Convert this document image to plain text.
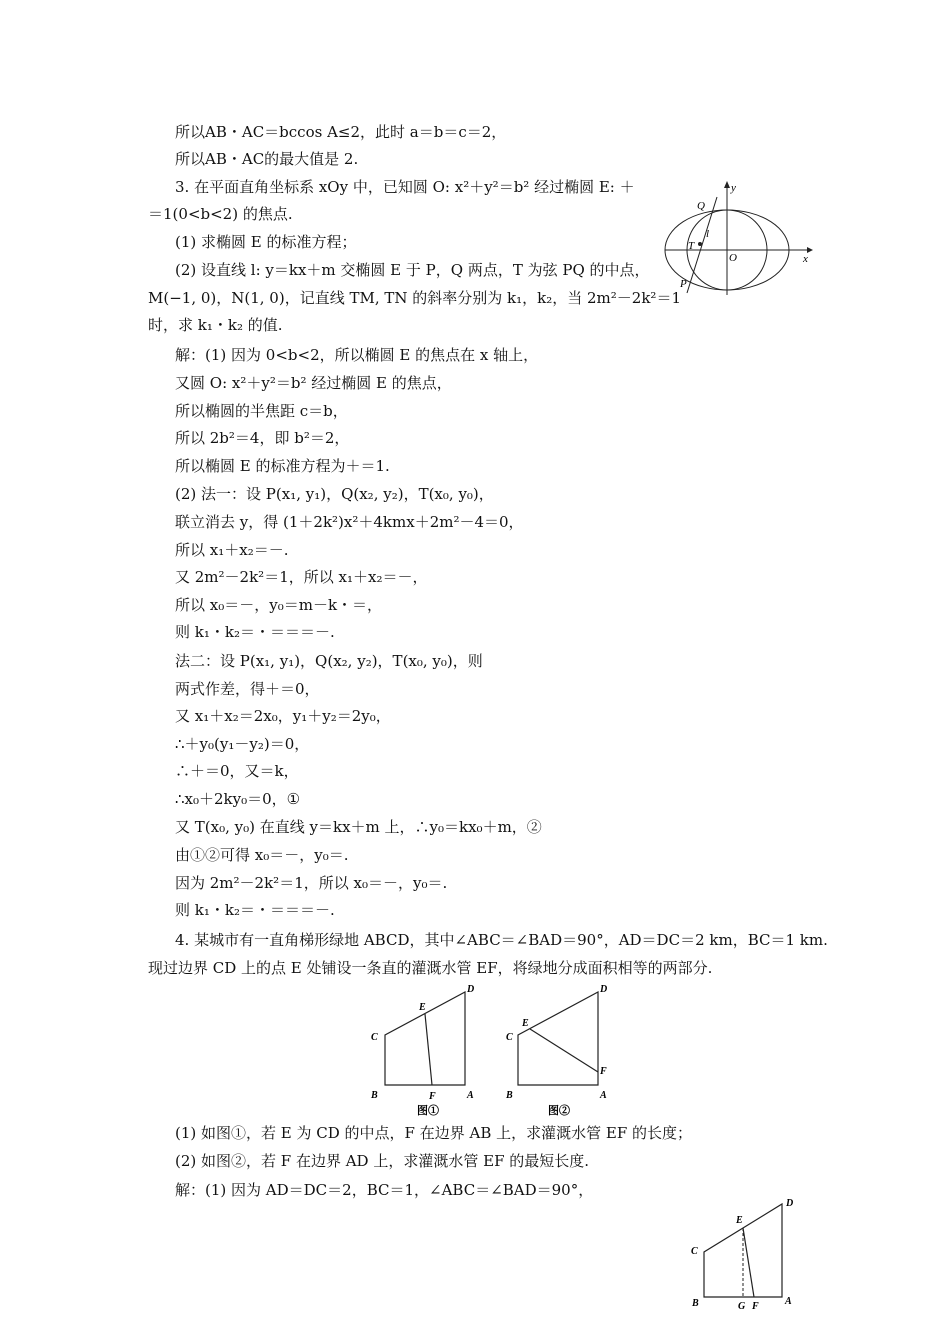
所以AB・AC＝bccos A≤2，此时 a＝b＝c＝2，
所以AB・AC的最大值是 2.
3. 在平面直角坐标系 xOy 中，已知圆 O: x²＋y²＝b² 经过椭圆 E: ＋
＝1(0<b<2) 的焦点.
(1) 求椭圆 E 的标准方程；
(2) 设直线 l: y＝kx＋m 交椭圆 E 于 P，Q 两点，T 为弦 PQ 的中点，
M(−1, 0)，N(1, 0)，记直线 TM, TN 的斜率分别为 k₁，k₂，当 2m²－2k²＝1
时，求 k₁・k₂ 的值.
解：(1) 因为 0<b<2，所以椭圆 E 的焦点在 x 轴上，
又圆 O: x²＋y²＝b² 经过椭圆 E 的焦点，
所以椭圆的半焦距 c＝b，
所以 2b²＝4，即 b²＝2，
所以椭圆 E 的标准方程为＋＝1.
(2) 法一：设 P(x₁, y₁)，Q(x₂, y₂)，T(x₀, y₀)，
联立消去 y，得 (1＋2k²)x²＋4kmx＋2m²－4＝0，
所以 x₁＋x₂＝－.
又 2m²－2k²＝1，所以 x₁＋x₂＝－，
所以 x₀＝－，y₀＝m－k・＝，
则 k₁・k₂＝・＝＝＝－.
法二：设 P(x₁, y₁)，Q(x₂, y₂)，T(x₀, y₀)，则
两式作差，得＋＝0，
又 x₁＋x₂＝2x₀，y₁＋y₂＝2y₀，
∴＋y₀(y₁－y₂)＝0，
∴＋＝0，又＝k，
∴x₀＋2ky₀＝0，①
又 T(x₀, y₀) 在直线 y＝kx＋m 上，∴y₀＝kx₀＋m，②
由①②可得 x₀＝－，y₀＝.
因为 2m²－2k²＝1，所以 x₀＝－，y₀＝.
则 k₁・k₂＝・＝＝＝－.
4. 某城市有一直角梯形绿地 ABCD，其中∠ABC＝∠BAD＝90°，AD＝DC＝2 km，BC＝1 km.
现过边界 CD 上的点 E 处铺设一条直的灌溉水管 EF，将绿地分成面积相等的两部分.
(1) 如图①，若 E 为 CD 的中点，F 在边界 AB 上，求灌溉水管 EF 的长度；
(2) 如图②，若 F 在边界 AD 上，求灌溉水管 EF 的最短长度.
解：(1) 因为 AD＝DC＝2，BC＝1，∠ABC＝∠BAD＝90°，
y
x
O
Q
T
l
P
B	A
C
D
E
F
图①
B	A
C
D
E
F
图②
B	A
C
D
E
G F
